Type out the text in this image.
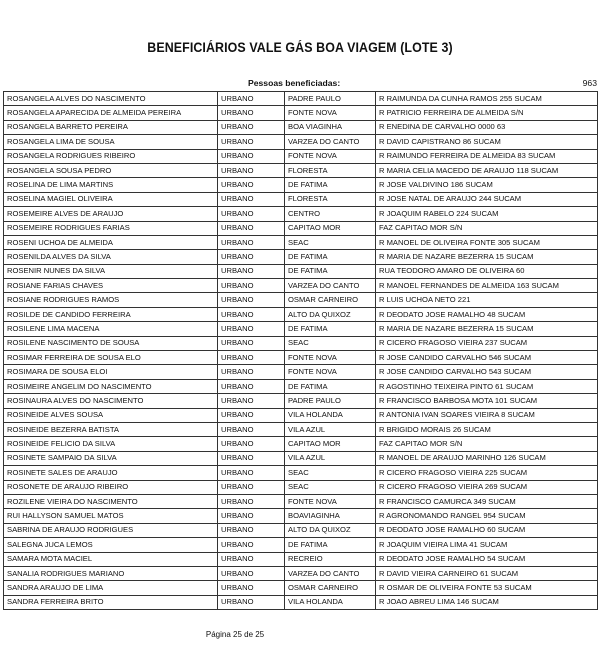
BENEFICIÁRIOS VALE GÁS BOA VIAGEM (LOTE 3)
Pessoas beneficiadas:	963
ROSANGELA ALVES DO NASCIMENTO	URBANO	PADRE PAULO	R RAIMUNDA DA CUNHA RAMOS 255 SUCAM
ROSANGELA APARECIDA DE ALMEIDA PEREIRA	URBANO	FONTE NOVA	R PATRICIO FERREIRA DE ALMEIDA S/N
ROSANGELA BARRETO PEREIRA	URBANO	BOA VIAGINHA	R ENEDINA DE CARVALHO 0000 63
ROSANGELA LIMA DE SOUSA	URBANO	VARZEA DO CANTO	R DAVID CAPISTRANO 86 SUCAM
ROSANGELA RODRIGUES RIBEIRO	URBANO	FONTE NOVA	R RAIMUNDO FERREIRA DE ALMEIDA 83 SUCAM
ROSANGELA SOUSA PEDRO	URBANO	FLORESTA	R MARIA CELIA MACEDO DE ARAUJO 118 SUCAM
ROSELINA DE LIMA MARTINS	URBANO	DE FATIMA	R JOSE VALDIVINO 186 SUCAM
ROSELINA MAGIEL OLIVEIRA	URBANO	FLORESTA	R JOSE NATAL DE ARAUJO 244 SUCAM
ROSEMEIRE ALVES DE ARAUJO	URBANO	CENTRO	R JOAQUIM RABELO 224 SUCAM
ROSEMEIRE RODRIGUES FARIAS	URBANO	CAPITAO MOR	FAZ CAPITAO MOR S/N
ROSENI UCHOA DE ALMEIDA	URBANO	SEAC	R MANOEL DE OLIVEIRA FONTE 305 SUCAM
ROSENILDA ALVES DA SILVA	URBANO	DE FATIMA	R MARIA DE NAZARE BEZERRA 15 SUCAM
ROSENIR NUNES DA SILVA	URBANO	DE FATIMA	RUA TEODORO AMARO DE OLIVEIRA 60
ROSIANE FARIAS CHAVES	URBANO	VARZEA DO CANTO	R MANOEL FERNANDES DE ALMEIDA 163 SUCAM
ROSIANE RODRIGUES RAMOS	URBANO	OSMAR CARNEIRO	R LUIS UCHOA NETO 221
ROSILDE DE CANDIDO FERREIRA	URBANO	ALTO DA QUIXOZ	R DEODATO JOSE RAMALHO 48 SUCAM
ROSILENE LIMA MACENA	URBANO	DE FATIMA	R MARIA DE NAZARE BEZERRA 15 SUCAM
ROSILENE NASCIMENTO DE SOUSA	URBANO	SEAC	R CICERO FRAGOSO VIEIRA 237 SUCAM
ROSIMAR FERREIRA DE SOUSA ELO	URBANO	FONTE NOVA	R JOSE CANDIDO CARVALHO 546 SUCAM
ROSIMARA DE SOUSA ELOI	URBANO	FONTE NOVA	R JOSE CANDIDO CARVALHO 543 SUCAM
ROSIMEIRE ANGELIM DO NASCIMENTO	URBANO	DE FATIMA	R AGOSTINHO TEIXEIRA PINTO 61 SUCAM
ROSINAURA ALVES DO NASCIMENTO	URBANO	PADRE PAULO	R FRANCISCO BARBOSA MOTA 101 SUCAM
ROSINEIDE ALVES SOUSA	URBANO	VILA HOLANDA	R ANTONIA IVAN SOARES VIEIRA 8 SUCAM
ROSINEIDE BEZERRA BATISTA	URBANO	VILA AZUL	R BRIGIDO MORAIS 26 SUCAM
ROSINEIDE FELICIO DA SILVA	URBANO	CAPITAO MOR	FAZ CAPITAO MOR S/N
ROSINETE SAMPAIO DA SILVA	URBANO	VILA AZUL	R MANOEL DE ARAUJO MARINHO 126 SUCAM
ROSINETE SALES DE ARAUJO	URBANO	SEAC	R CICERO FRAGOSO VIEIRA 225 SUCAM
ROSONETE DE ARAUJO RIBEIRO	URBANO	SEAC	R CICERO FRAGOSO VIEIRA 269 SUCAM
ROZILENE VIEIRA DO NASCIMENTO	URBANO	FONTE NOVA	R FRANCISCO CAMURCA 349 SUCAM
RUI HALLYSON SAMUEL MATOS	URBANO	BOAVIAGINHA	R AGRONOMANDO RANGEL 954 SUCAM
SABRINA DE ARAUJO RODRIGUES	URBANO	ALTO DA QUIXOZ	R DEODATO JOSE RAMALHO 60 SUCAM
SALEGNA JUCA LEMOS	URBANO	DE FATIMA	R JOAQUIM VIEIRA LIMA 41 SUCAM
SAMARA MOTA MACIEL	URBANO	RECREIO	R DEODATO JOSE RAMALHO 54 SUCAM
SANALIA RODRIGUES MARIANO	URBANO	VARZEA DO CANTO	R DAVID VIEIRA CARNEIRO 61 SUCAM
SANDRA ARAUJO DE LIMA	URBANO	OSMAR CARNEIRO	R OSMAR DE OLIVEIRA FONTE 53 SUCAM
SANDRA FERREIRA BRITO	URBANO	VILA HOLANDA	R JOAO ABREU LIMA 146 SUCAM
Página 25 de 25
